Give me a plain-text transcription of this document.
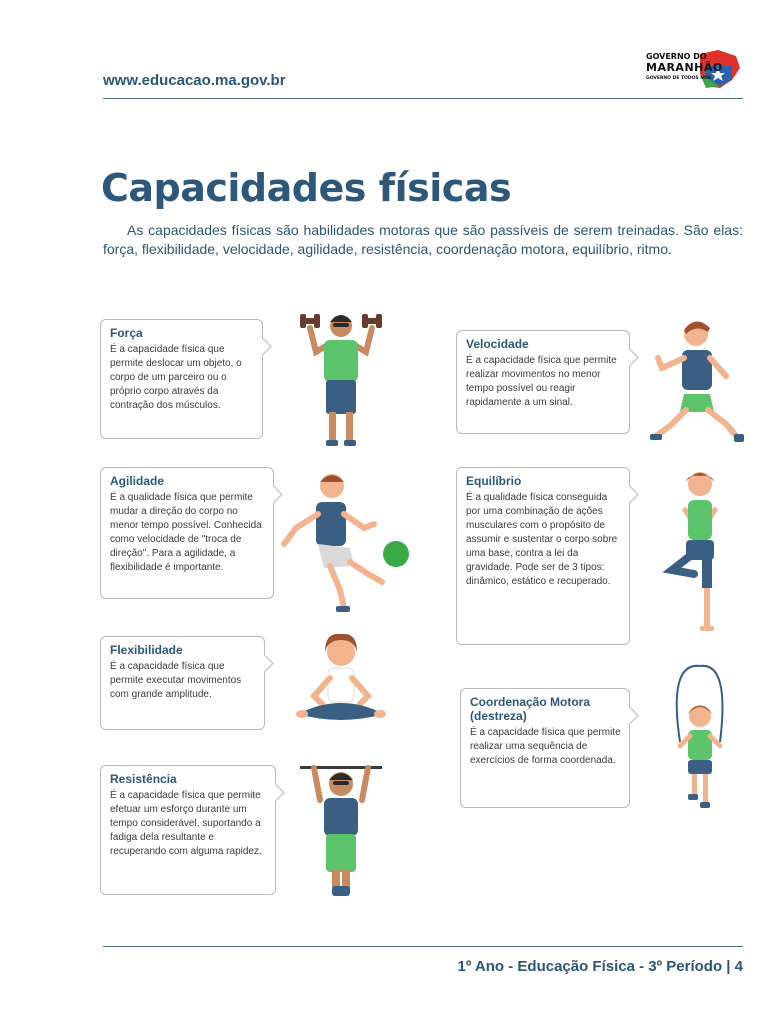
www.educacao.ma.gov.br
GOVERNO DO
MARANHÃO
GOVERNO DE TODOS NÓS
Capacidades físicas
As capacidades físicas são habilidades motoras que são passíveis de serem treinadas. São elas: força, flexibilidade, velocidade, agilidade, resistência, coordenação motora, equilíbrio, ritmo.
Força

É a capacidade física que permite deslocar um objeto, o corpo de um parceiro ou o próprio corpo através da contração dos músculos.

Velocidade

É a capacidade física que permite realizar movimentos no menor tempo possível ou reagir rapidamente a um sinal.

Agilidade

É a qualidade física que permite mudar a direção do corpo no menor tempo possível. Conhecida como velocidade de "troca de direção". Para a agilidade, a flexibilidade é importante.

Equilíbrio

É a qualidade física conseguida por uma combinação de ações musculares com o propósito de assumir e sustentar o corpo sobre uma base, contra a lei da gravidade. Pode ser de 3 tipos: dinâmico, estático e recuperado.

Flexibilidade

É a capacidade física que permite executar movimentos com grande amplitude.

Coordenação Motora (destreza)

É a capacidade física que permite realizar uma sequência de exercícios de forma coordenada.

Resistência

É a capacidade física que permite efetuar um esforço durante um tempo considerável, suportando a fadiga dela resultante e recuperando com alguma rapidez.

1º Ano - Educação Física - 3º Período | 4
